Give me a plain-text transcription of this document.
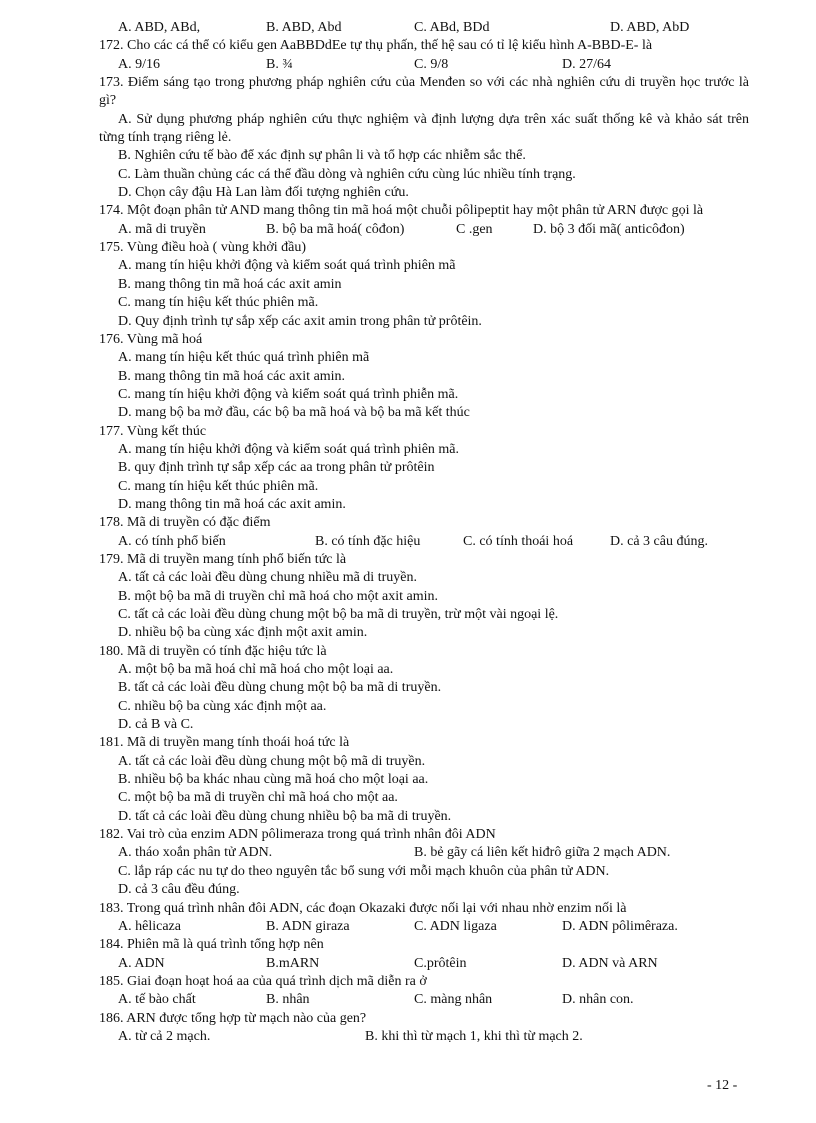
A. ABD, ABd,	B. ABD, Abd	C. ABd, BDd	D. ABD, AbD
172. Cho các cá thể có kiểu gen AaBBDdEe tự thụ phấn, thế hệ sau có tỉ lệ kiểu hình A-BBD-E- là
A. 9/16	B. ¾	C. 9/8	D. 27/64
173. Điểm sáng tạo trong phương pháp nghiên cứu của Menđen so với các nhà nghiên cứu di truyền học trước là gì?
A. Sử dụng phương pháp nghiên cứu thực nghiệm và định lượng dựa trên xác suất thống kê và khảo sát trên từng tính trạng riêng lẻ.
B. Nghiên cứu tế bào để xác định sự phân li và tổ hợp các nhiễm sắc thể.
C. Làm thuần chủng các cá thể đầu dòng và nghiên cứu cùng lúc nhiều tính trạng.
D. Chọn cây đậu Hà Lan làm đối tượng nghiên cứu.
174. Một đoạn phân tử AND mang thông tin mã hoá một chuỗi pôlipeptit hay một phân tử ARN được gọi là
A. mã di truyền	B. bộ ba mã hoá( côđon)	C .gen	D. bộ 3 đối mã( anticôđon)
175. Vùng điều hoà ( vùng khởi đầu)
A. mang tín hiệu khởi động và kiểm soát quá trình phiên mã
B. mang thông tin mã hoá các axit amin
C. mang tín hiệu kết thúc phiên mã.
D. Quy định trình tự sắp xếp các axit amin trong phân tử prôtêin.
176. Vùng mã hoá
A. mang tín hiệu kết thúc quá trình phiên mã
B. mang thông tin mã hoá các axit amin.
C. mang tín hiệu khởi động và kiểm soát quá trình phiễn mã.
D. mang bộ ba mở đầu, các bộ ba mã hoá và bộ ba mã kết thúc
177. Vùng kết thúc
A. mang tín hiệu khởi động và kiểm soát quá trình phiên mã.
B. quy định trình tự sắp xếp các aa trong phân tử prôtêin
C. mang tín hiệu kết thúc phiên mã.
D. mang thông tin mã hoá các axit amin.
178. Mã di truyền có đặc điểm
A. có tính phổ biến	B. có tính đặc hiệu	C. có tính thoái hoá	D. cả 3 câu đúng.
179. Mã di truyền mang tính phổ biến tức là
A. tất cả các loài đều dùng chung nhiều mã di truyền.
B. một bộ ba mã di truyền chỉ mã hoá cho một axit amin.
C. tất cả các loài đều dùng chung một bộ ba mã di truyền, trừ một vài ngoại lệ.
D. nhiều bộ ba cùng xác định một axit amin.
180. Mã di truyền có tính đặc hiệu tức là
A. một bộ ba mã hoá chỉ mã hoá cho một loại aa.
B. tất cả các loài đều dùng chung một bộ ba mã di truyền.
C. nhiều bộ ba cùng xác định một aa.
D. cả B và C.
181. Mã di truyền mang tính thoái hoá tức là
A. tất cả các loài đều dùng chung một bộ mã di truyền.
B. nhiều bộ ba khác nhau cùng mã hoá cho một loại aa.
C. một bộ ba mã di truyền chỉ mã hoá cho một aa.
D. tất cả các loài đều dùng chung nhiều bộ ba mã di truyền.
182. Vai trò của enzim ADN pôlimeraza trong quá trình nhân đôi ADN
A. tháo xoắn phân tử ADN.	B. bẻ gãy cá liên kết hiđrô giữa 2 mạch ADN.
C. lắp ráp các nu tự do theo nguyên tắc bổ sung với mỗi mạch khuôn của phân tử ADN.
D. cả 3 câu đều đúng.
183. Trong quá trình nhân đôi ADN, các đoạn Okazaki được nối lại với nhau nhờ enzim nối là
A. hêlicaza	B. ADN giraza	C. ADN ligaza	D. ADN pôlimêraza.
184. Phiên mã là quá trình tổng hợp nên
A. ADN	B.mARN	C.prôtêin	D. ADN và ARN
185. Giai đoạn hoạt hoá aa của quá trình dịch mã diễn ra ở
A. tế bào chất	B. nhân	C. màng nhân	D. nhân con.
186. ARN được tổng hợp từ mạch nào của gen?
A. từ cả 2 mạch.	B. khi thì từ mạch 1, khi thì từ mạch 2.
- 12 -
